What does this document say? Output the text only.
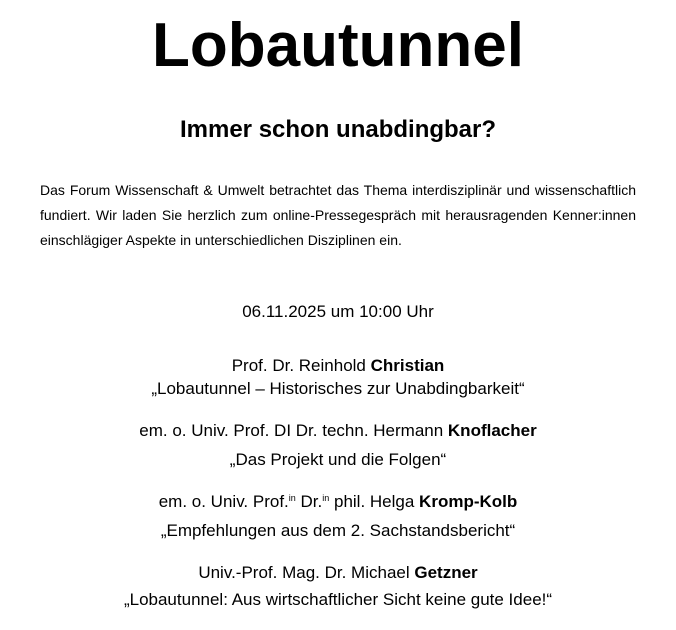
Lobautunnel
Immer schon unabdingbar?

Das Forum Wissenschaft & Umwelt betrachtet das Thema interdisziplinär und wissenschaftlich fundiert. Wir laden Sie herzlich zum online-Pressegespräch mit herausragenden Kenner:innen einschlägiger Aspekte in unterschiedlichen Disziplinen ein.

06.11.2025 um 10:00 Uhr

Prof. Dr. Reinhold Christian
„Lobautunnel – Historisches zur Unabdingbarkeit“
em. o. Univ. Prof. DI Dr. techn. Hermann Knoflacher
„Das Projekt und die Folgen“
em. o. Univ. Prof.$^{in}$ Dr.$^{in}$ phil. Helga Kromp-Kolb
„Empfehlungen aus dem 2. Sachstandsbericht“
Univ.-Prof. Mag. Dr. Michael Getzner
„Lobautunnel: Aus wirtschaftlicher Sicht keine gute Idee!“
